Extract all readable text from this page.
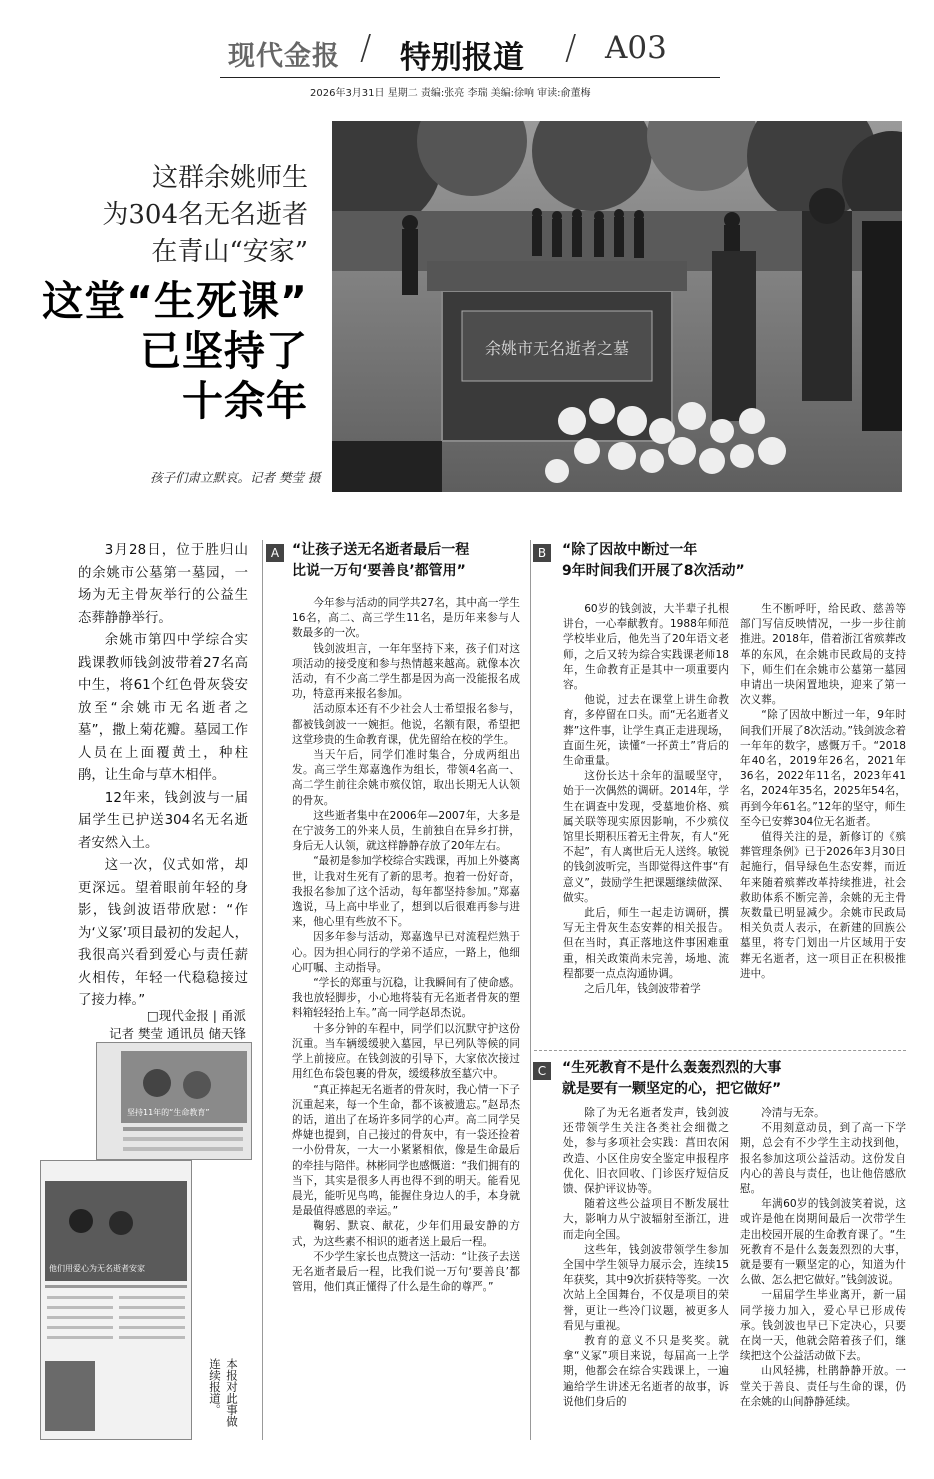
现代金报 / 特别报道 / A03
2026年3月31日 星期二 责编:张亮 李瑞 美编:徐响 审读:俞董梅
这群余姚师生
为304名无名逝者
在青山“安家”
这堂“生死课”
已坚持了
十余年
孩子们肃立默哀。记者 樊莹 摄
余姚市无名逝者之墓

3月28日，位于胜归山的余姚市公墓第一墓园，一场为无主骨灰举行的公益生态葬静静举行。

余姚市第四中学综合实践课教师钱剑波带着27名高中生，将61个红色骨灰袋安放至“余姚市无名逝者之墓”，撒上菊花瓣。墓园工作人员在上面覆黄土，种柱鹃，让生命与草木相伴。

12年来，钱剑波与一届届学生已护送304名无名逝者安然入土。

这一次，仪式如常，却更深远。望着眼前年轻的身影，钱剑波语带欣慰：“作为‘义冢’项目最初的发起人，我很高兴看到爱心与责任薪火相传，年轻一代稳稳接过了接力棒。”

□现代金报 | 甬派
记者 樊莹 通讯员 储天锋
坚持11年的“生命教育”
他们用爱心为无名逝者安家
本报对此事做连续报道。
A “让孩子送无名逝者最后一程
比说一万句‘要善良’都管用”

今年参与活动的同学共27名，其中高一学生16名，高二、高三学生11名，是历年来参与人数最多的一次。

钱剑波坦言，一年年坚持下来，孩子们对这项活动的接受度和参与热情越来越高。就像本次活动，有不少高二学生都是因为高一没能报名成功，特意再来报名参加。

活动原本还有不少社会人士希望报名参与，都被钱剑波一一婉拒。他说，名额有限，希望把这堂珍贵的生命教育课，优先留给在校的学生。

当天午后，同学们准时集合，分成两组出发。高三学生郑嘉逸作为组长，带领4名高一、高二学生前往余姚市殡仪馆，取出长期无人认领的骨灰。

这些逝者集中在2006年—2007年，大多是在宁波务工的外来人员，生前独自在异乡打拼，身后无人认领，就这样静静存放了20年左右。

“最初是参加学校综合实践课，再加上外婆离世，让我对生死有了新的思考。抱着一份好奇，我报名参加了这个活动，每年都坚持参加。”郑嘉逸说，马上高中毕业了，想到以后很难再参与进来，他心里有些放不下。

因多年参与活动，郑嘉逸早已对流程烂熟于心。因为担心同行的学弟不适应，一路上，他细心叮嘱、主动指导。

“学长的郑重与沉稳，让我瞬间有了使命感。我也放轻脚步，小心地将装有无名逝者骨灰的塑料箱轻轻抬上车。”高一同学赵昂杰说。

十多分钟的车程中，同学们以沉默守护这份沉重。当车辆缓缓驶入墓园，早已列队等候的同学上前接应。在钱剑波的引导下，大家依次接过用红色布袋包裹的骨灰，缓缓移放至墓穴中。

“真正捧起无名逝者的骨灰时，我心情一下子沉重起来，每一个生命，都不该被遗忘。”赵昂杰的话，道出了在场许多同学的心声。高二同学吴烨婕也提到，自己接过的骨灰中，有一袋还捡着一小份骨灰，一大一小紧紧相依，像是生命最后的牵挂与陪伴。林彬同学也感慨道：“我们拥有的当下，其实是很多人再也得不到的明天。能看见晨光，能听见鸟鸣，能握住身边人的手，本身就是最值得感恩的幸运。”

鞠躬、默哀、献花，少年们用最安静的方式，为这些素不相识的逝者送上最后一程。

不少学生家长也点赞这一活动：“让孩子去送无名逝者最后一程，比我们说一万句‘要善良’都管用，他们真正懂得了什么是生命的尊严。”

B	“除了因故中断过一年
9年时间我们开展了8次活动”

60岁的钱剑波，大半辈子扎根讲台，一心奉献教育。1988年师范学校毕业后，他先当了20年语文老师，之后又转为综合实践课老师18年，生命教育正是其中一项重要内容。

他说，过去在课堂上讲生命教育，多停留在口头。而“无名逝者义葬”这件事，让学生真正走进现场，直面生死，读懂“一抔黄土”背后的生命重量。

这份长达十余年的温暖坚守，始于一次偶然的调研。2014年，学生在调查中发现，受墓地价格、殡属关联等现实原因影响，不少殡仪馆里长期积压着无主骨灰，有人“死不起”，有人离世后无人送终。敏锐的钱剑波听完，当即觉得这件事“有意义”，鼓励学生把课题继续做深、做实。

此后，师生一起走访调研，撰写无主骨灰生态安葬的相关报告。但在当时，真正落地这件事困难重重，相关政策尚未完善，场地、流程都要一点点沟通协调。

之后几年，钱剑波带着学

生不断呼吁，给民政、慈善等部门写信反映情况，一步一步往前推进。2018年，借着浙江省殡葬改革的东风，在余姚市民政局的支持下，师生们在余姚市公墓第一墓园申请出一块闲置地块，迎来了第一次义葬。

“除了因故中断过一年，9年时间我们开展了8次活动。”钱剑波念着一年年的数字，感慨万千。“2018年40名，2019年26名，2021年36名，2022年11名，2023年41名，2024年35名，2025年54名，再到今年61名。”12年的坚守，师生至今已安葬304位无名逝者。

值得关注的是，新修订的《殡葬管理条例》已于2026年3月30日起施行，倡导绿色生态安葬，而近年来随着殡葬改革持续推进，社会救助体系不断完善，余姚的无主骨灰数量已明显减少。余姚市民政局相关负责人表示，在新建的回族公墓里，将专门划出一片区域用于安葬无名逝者，这一项目正在积极推进中。

C	“生死教育不是什么轰轰烈烈的大事
就是要有一颗坚定的心，把它做好”

除了为无名逝者发声，钱剑波还带领学生关注各类社会细微之处，参与多项社会实践：菖田农闲改造、小区住房安全鉴定申报程序优化、旧衣回收、门诊医疗短信反馈、保护评议协等。

随着这些公益项目不断发展壮大，影响力从宁波辐射至浙江，进而走向全国。

这些年，钱剑波带领学生参加全国中学生领导力展示会，连续15年获奖，其中9次折获特等奖。一次次站上全国舞台，不仅是项目的荣誉，更让一些冷门议题，被更多人看见与重视。

教育的意义不只是奖奖。就拿“义冢”项目来说，每届高一上学期，他都会在综合实践课上，一遍遍给学生讲述无名逝者的故事，诉说他们身后的

冷清与无奈。

不用刻意动员，到了高一下学期，总会有不少学生主动找到他，报名参加这项公益活动。这份发自内心的善良与责任，也让他倍感欣慰。

年满60岁的钱剑波笑着说，这或许是他在岗期间最后一次带学生走出校园开展的生命教育课了。“生死教育不是什么轰轰烈烈的大事，就是要有一颗坚定的心，知道为什么做、怎么把它做好。”钱剑波说。

一届届学生毕业离开，新一届同学接力加入，爱心早已形成传承。钱剑波也早已下定决心，只要在岗一天，他就会陪着孩子们，继续把这个公益活动做下去。

山风轻拂，杜鹃静静开放。一堂关于善良、责任与生命的课，仍在余姚的山间静静延续。
